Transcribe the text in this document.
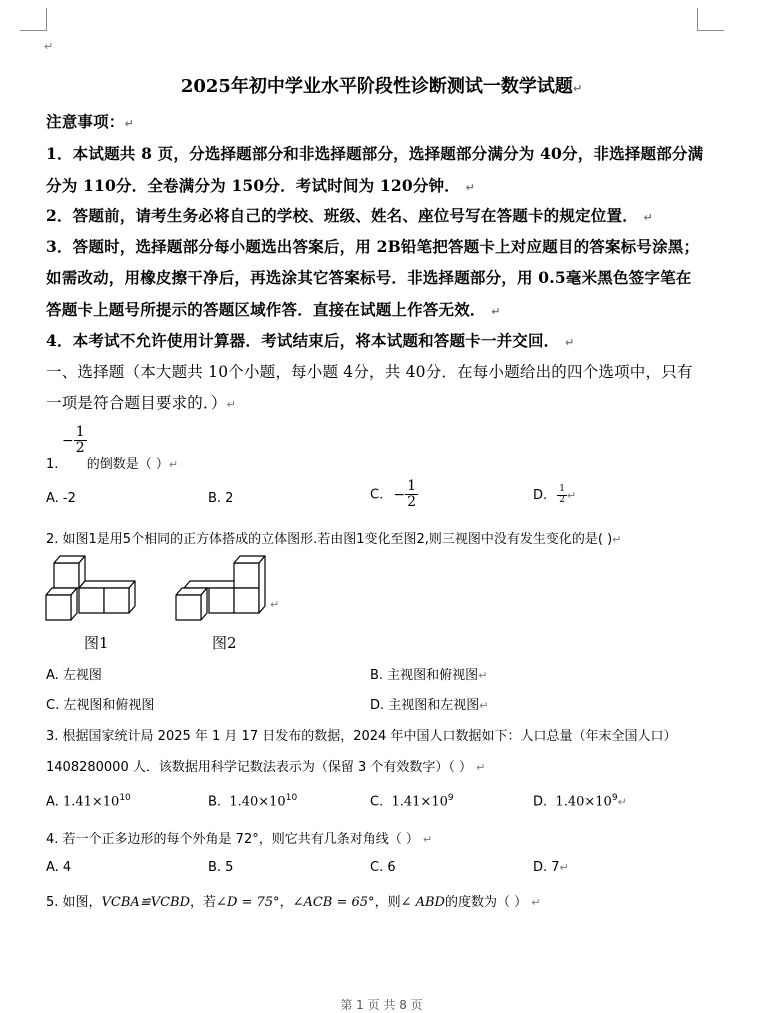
↵
2025年初中学业水平阶段性诊断测试一数学试题↵
注意事项：↵
1．本试题共 8 页，分选择题部分和非选择题部分，选择题部分满分为 40分，非选择题部分满
分为 110分．全卷满分为 150分．考试时间为 120分钟． ↵
2．答题前，请考生务必将自己的学校、班级、姓名、座位号写在答题卡的规定位置． ↵
3．答题时，选择题部分每小题选出答案后，用 2B铅笔把答题卡上对应题目的答案标号涂黑；
如需改动，用橡皮擦干净后，再选涂其它答案标号．非选择题部分，用 0.5毫米黑色签字笔在
答题卡上题号所提示的答题区域作答．直接在试题上作答无效． ↵
4．本考试不允许使用计算器．考试结束后，将本试题和答题卡一并交回． ↵
一、选择题（本大题共 10个小题，每小题 4分，共 40分．在每小题给出的四个选项中，只有
一项是符合题目要求的．）↵
− $\frac{1}{2}$
1. 的倒数是（ ）↵
A. -2	B. 2	C. − $\frac{1}{2}$	D. $\frac{1}{2}$ ↵
2. 如图1是用5个相同的正方体搭成的立体图形.若由图1变化至图2,则三视图中没有发生变化的是( )↵
↵
图1	图2
A. 左视图	B. 主视图和俯视图↵
C. 左视图和俯视图	D. 主视图和左视图↵
3. 根据国家统计局 2025 年 1 月 17 日发布的数据，2024 年中国人口数据如下：人口总量（年末全国人口）
1408280000 人．该数据用科学记数法表示为（保留 3 个有效数字）（ ） ↵
A. $1.41\times 10^{10}$	B. $1.40\times 10^{10}$	C. $1.41\times 10^9$	D. $1.40\times 10^9↵$
4. 若一个正多边形的每个外角是 72°，则它共有几条对角线（ ） ↵
A. 4	B. 5	C. 6	D. 7↵
5. 如图，VCBA≌VCBD，若∠D = 75°，∠ACB = 65°，则∠ ABD的度数为（ ） ↵
第 1 页 共 8 页
